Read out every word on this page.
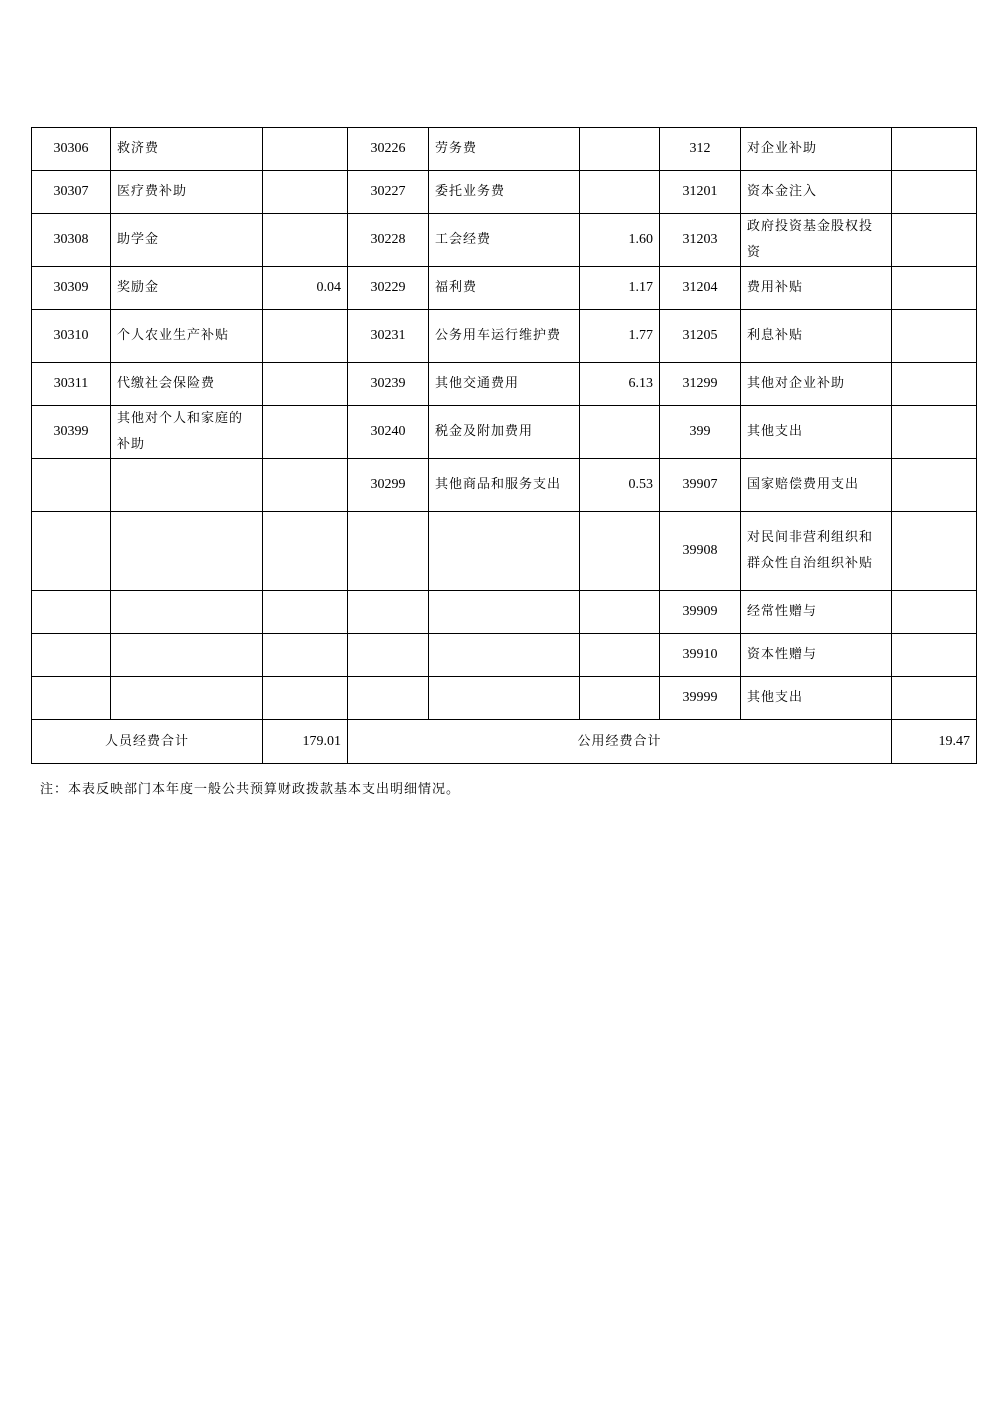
30306	救济费		30226	劳务费		312	对企业补助	
30307	医疗费补助		30227	委托业务费		31201	资本金注入	
30308	助学金		30228	工会经费	1.60	31203	政府投资基金股权投资	
30309	奖励金	0.04	30229	福利费	1.17	31204	费用补贴	
30310	个人农业生产补贴		30231	公务用车运行维护费	1.77	31205	利息补贴	
30311	代缴社会保险费		30239	其他交通费用	6.13	31299	其他对企业补助	
30399	其他对个人和家庭的补助		30240	税金及附加费用		399	其他支出	
			30299	其他商品和服务支出	0.53	39907	国家赔偿费用支出	
						39908	对民间非营利组织和群众性自治组织补贴	
						39909	经常性赠与	
						39910	资本性赠与	
						39999	其他支出	
人员经费合计		179.01	公用经费合计					19.47
注：本表反映部门本年度一般公共预算财政拨款基本支出明细情况。
